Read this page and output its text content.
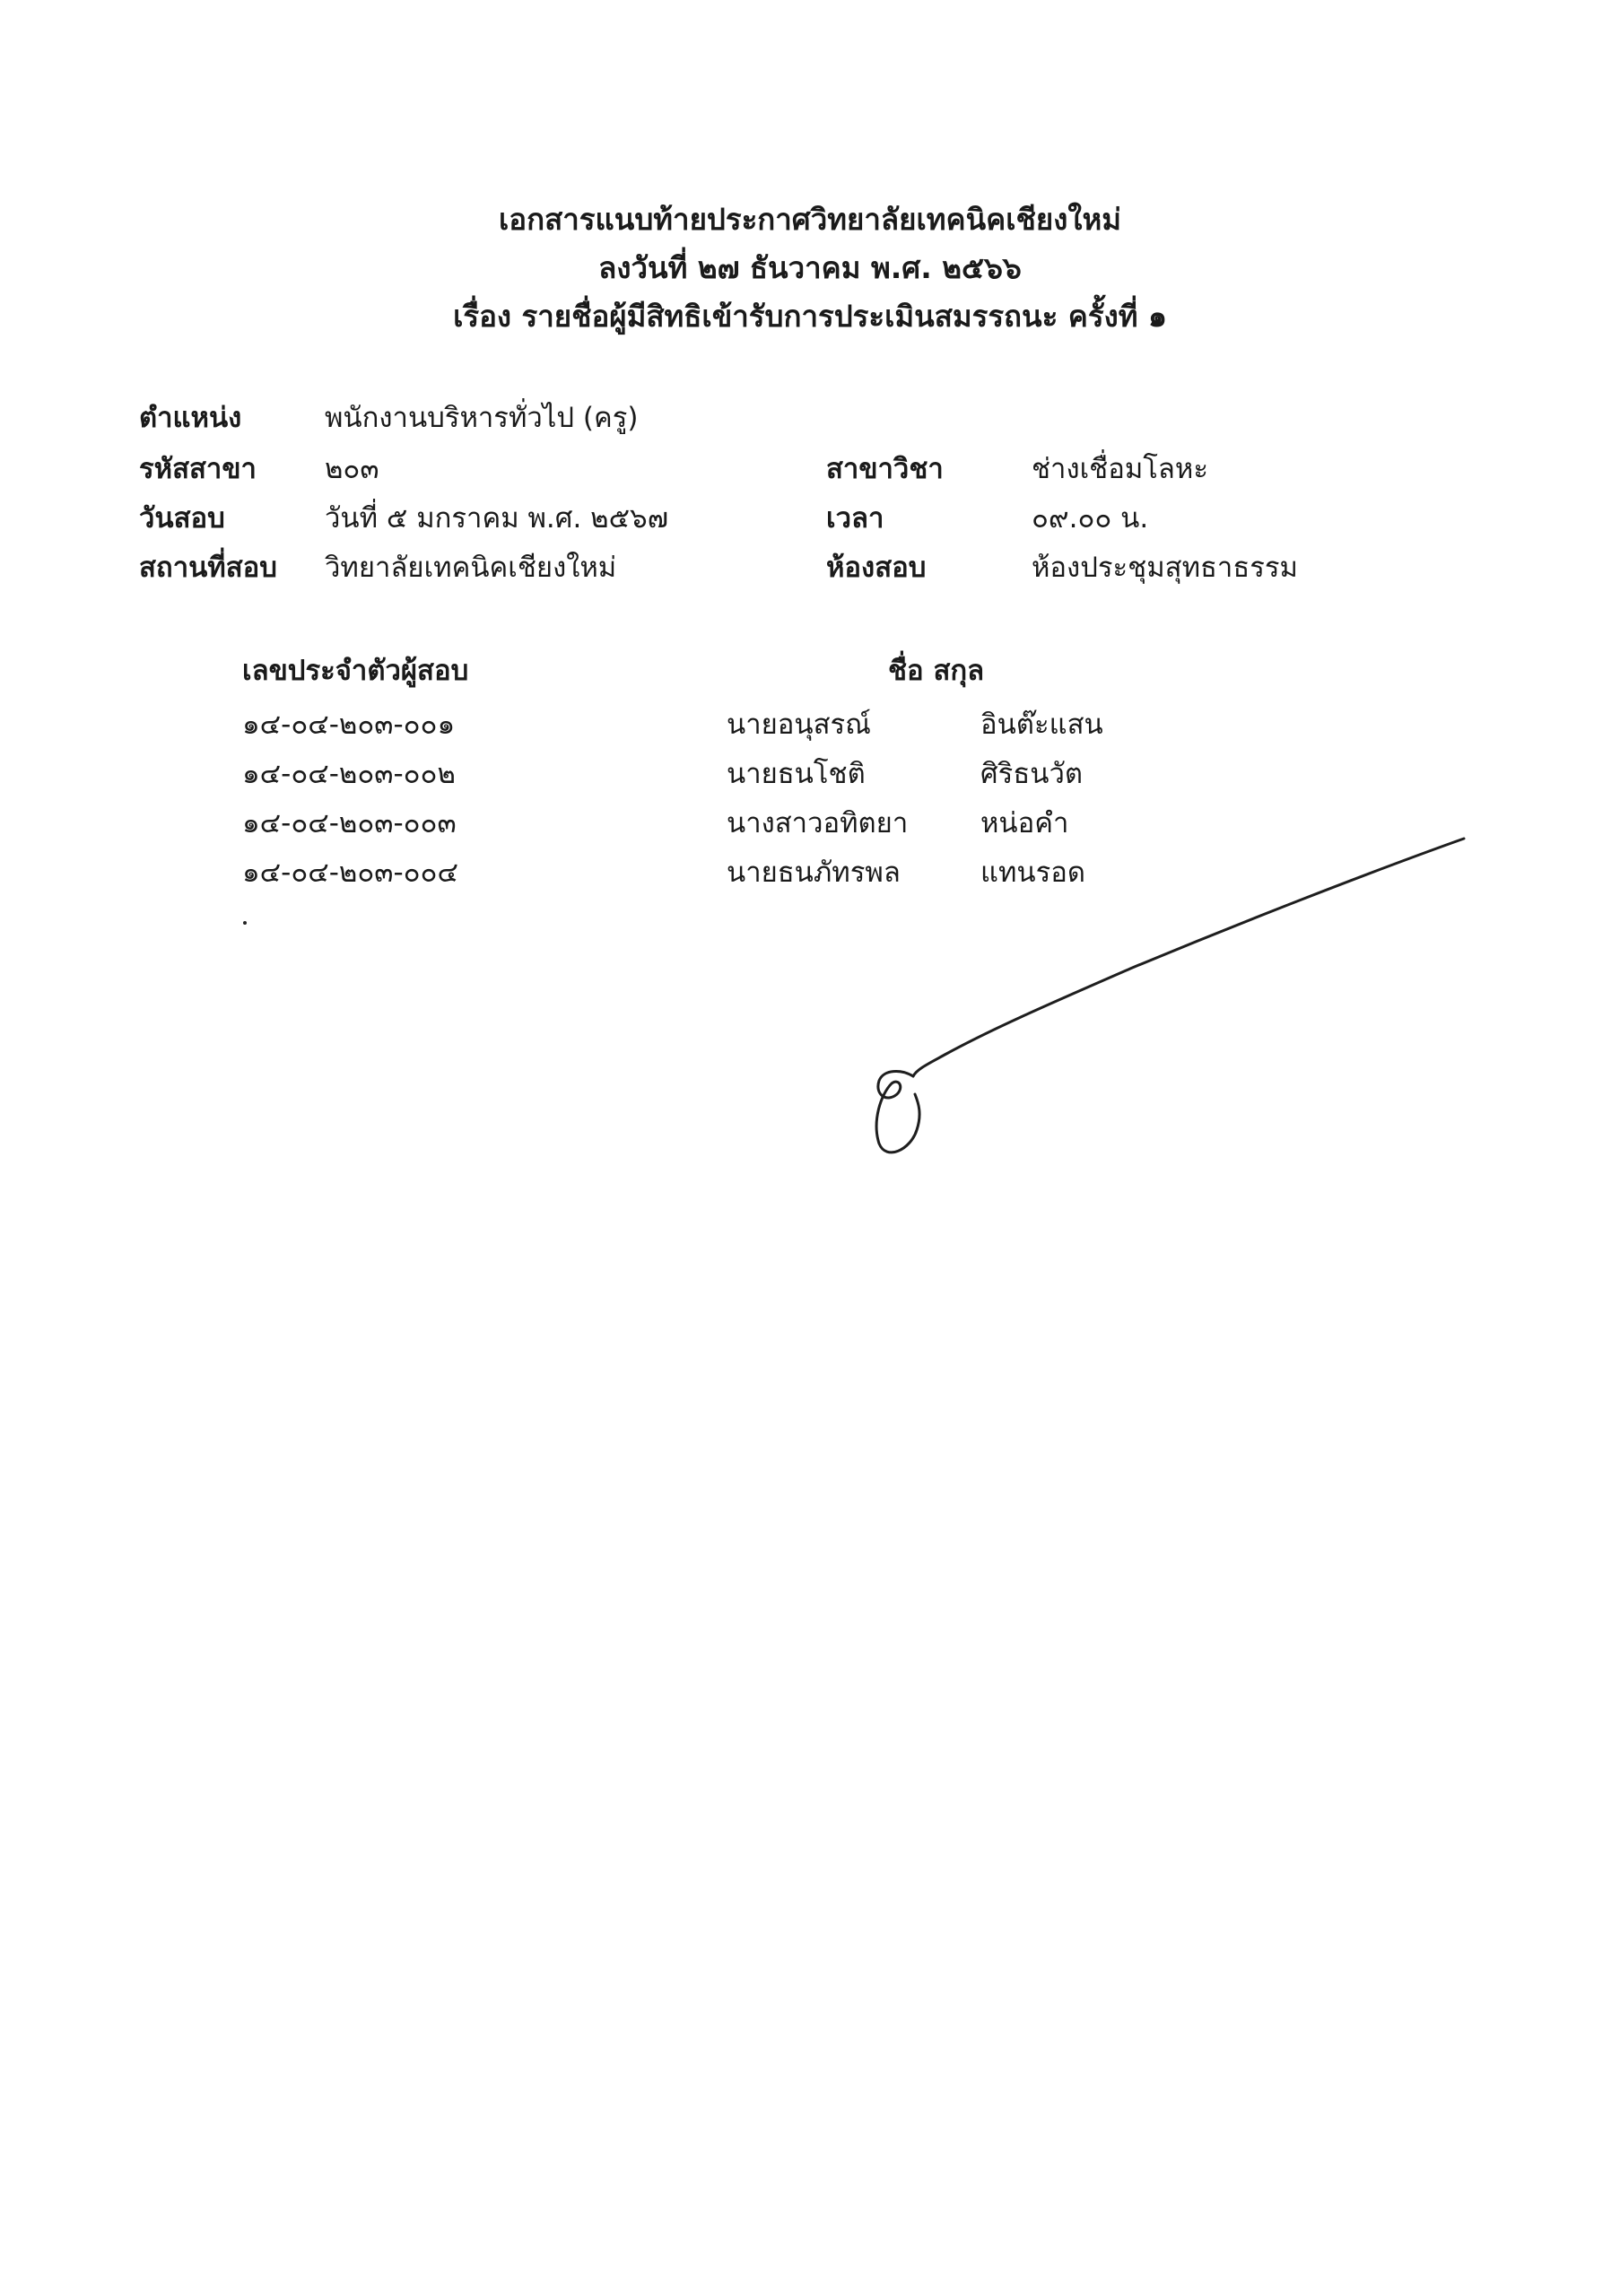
เอกสารแนบท้ายประกาศวิทยาลัยเทคนิคเชียงใหม่
ลงวันที่ ๒๗ ธันวาคม พ.ศ. ๒๕๖๖
เรื่อง รายชื่อผู้มีสิทธิเข้ารับการประเมินสมรรถนะ ครั้งที่ ๑
ตำแหน่ง	พนักงานบริหารทั่วไป (ครู)
รหัสสาขา ๒๐๓	สาขาวิชา	ช่างเชื่อมโลหะ
วันสอบ	วันที่ ๕ มกราคม พ.ศ. ๒๕๖๗	เวลา	๐๙.๐๐ น.
สถานที่สอบ วิทยาลัยเทคนิคเชียงใหม่	ห้องสอบ	ห้องประชุมสุทธาธรรม
เลขประจำตัวผู้สอบ	ชื่อ สกุล
๑๔-๐๔-๒๐๓-๐๐๑	นายอนุสรณ์	อินต๊ะแสน
๑๔-๐๔-๒๐๓-๐๐๒	นายธนโชติ	ศิริธนวัต
๑๔-๐๔-๒๐๓-๐๐๓	นางสาวอทิตยา	หน่อคำ
๑๔-๐๔-๒๐๓-๐๐๔	นายธนภัทรพล	แทนรอด
